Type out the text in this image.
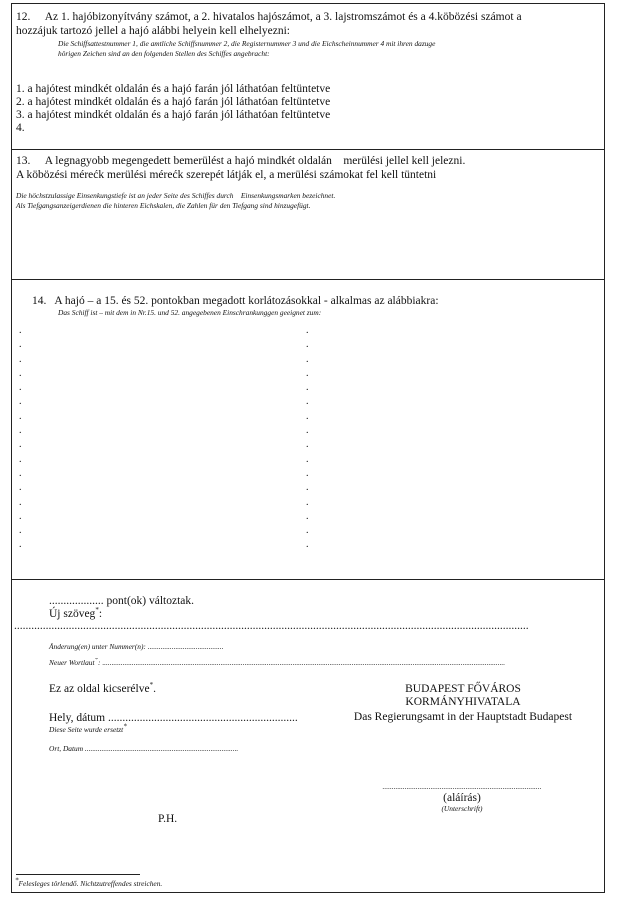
12.     Az 1. hajóbizonyítvány számot, a 2. hivatalos hajószámot, a 3. lajstromszámot és a 4.köbözési számot a
hozzájuk tartozó jellel a hajó alábbi helyein kell elhelyezni:
Die Schiffsattestnummer 1, die amtliche Schiffsnummer 2, die Registernummer 3 und die Eichscheinnummer 4 mit ihren dazuge
hörigen Zeichen sind an den folgenden Stellen des Schiffes angebracht:
1. a hajótest mindkét oldalán és a hajó farán jól láthatóan feltüntetve
2. a hajótest mindkét oldalán és a hajó farán jól láthatóan feltüntetve
3. a hajótest mindkét oldalán és a hajó farán jól láthatóan feltüntetve
4.
13.     A legnagyobb megengedett bemerülést a hajó mindkét oldalán    merülési jellel kell jelezni.
A köbözési mérećk merülési mérećk szerepét látják el, a merülési számokat fel kell tüntetni
Die höchstzulassige Einsenkungstiefe ist an jeder Seite des Schiffes durch    Einsenkungsmarken bezeichnet.
Als Tiefgangsanzeigerdienen die hinteren Eichskalen, die Zahlen für den Tiefgang sind hinzugefügt.
14.   A hajó – a 15. és 52. pontokban megadott korlátozásokkal - alkalmas az alábbiakra:
Das Schiff ist – mit dem in Nr.15. und 52. angegebenen Einschrankunggen geeignet zum:
.
.
.
.
.
.
.
.
.
.
.
.
.
.
.
.
.
.
.
.
.
.
.
.
.
.
.
.
.
.
.
.
................... pont(ok) változtak.
Új szöveg*:
...................................................................................................................................................................................
Änderung(en) unter Nummer(n): .........................................
Neuer Wortlaut*: ..........................................................................................................................................................................................................................
Ez az oldal kicserélve*.
Hely, dátum ..................................................................
Diese Seite wurde ersetzt*
Ort, Datum ...................................................................................
BUDAPEST FŐVÁROS
KORMÁNYHIVATALA
Das Regierungsamt in der Hauptstadt Budapest
......................................................................................
(aláírás)
(Unterschrift)
P.H.
*Felesleges törlendő. Nichtzutreffendes streichen.
